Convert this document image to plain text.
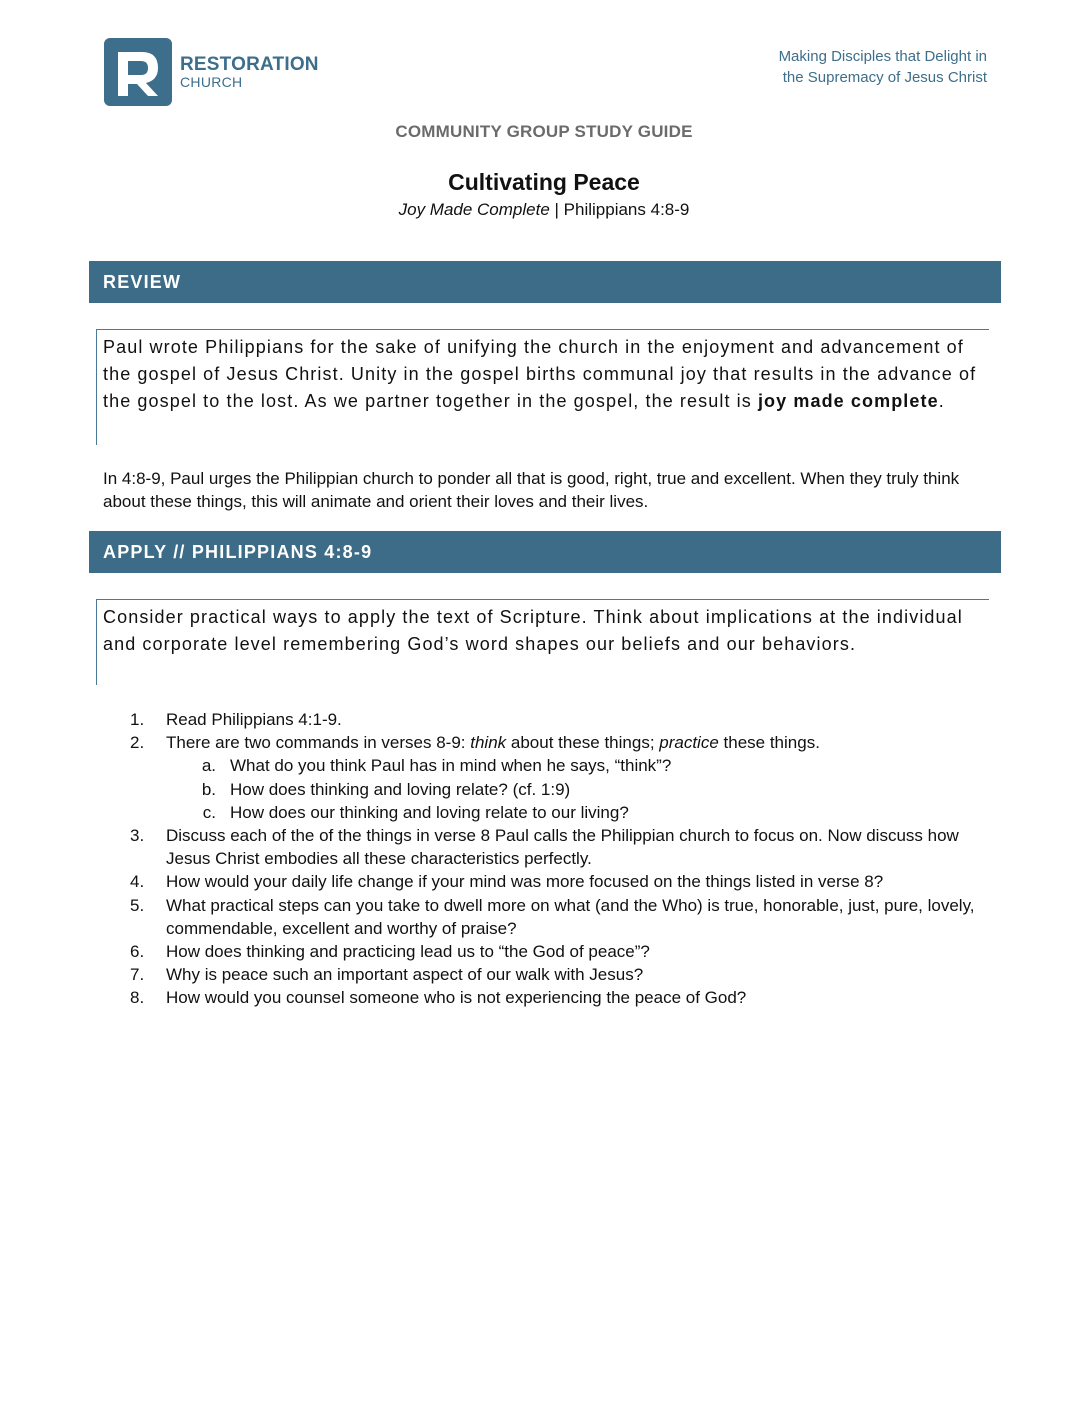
RESTORATION
CHURCH
Making Disciples that Delight in
the Supremacy of Jesus Christ
COMMUNITY GROUP STUDY GUIDE
Cultivating Peace
Joy Made Complete | Philippians 4:8-9
REVIEW
Paul wrote Philippians for the sake of unifying the church in the enjoyment and advancement of the gospel of Jesus Christ. Unity in the gospel births communal joy that results in the advance of the gospel to the lost. As we partner together in the gospel, the result is joy made complete.
In 4:8-9, Paul urges the Philippian church to ponder all that is good, right, true and excellent. When they truly think about these things, this will animate and orient their loves and their lives.
APPLY // PHILIPPIANS 4:8-9
Consider practical ways to apply the text of Scripture. Think about implications at the individual and corporate level remembering God’s word shapes our beliefs and our behaviors.
1.	Read Philippians 4:1-9.
2.	There are two commands in verses 8-9: think about these things; practice these things.
a. What do you think Paul has in mind when he says, “think”?
b. How does thinking and loving relate? (cf. 1:9)
c. How does our thinking and loving relate to our living?
3.	Discuss each of the of the things in verse 8 Paul calls the Philippian church to focus on. Now discuss how Jesus Christ embodies all these characteristics perfectly.
4.	How would your daily life change if your mind was more focused on the things listed in verse 8?
5.	What practical steps can you take to dwell more on what (and the Who) is true, honorable, just, pure, lovely, commendable, excellent and worthy of praise?
6.	How does thinking and practicing lead us to “the God of peace”?
7.	Why is peace such an important aspect of our walk with Jesus?
8.	How would you counsel someone who is not experiencing the peace of God?
